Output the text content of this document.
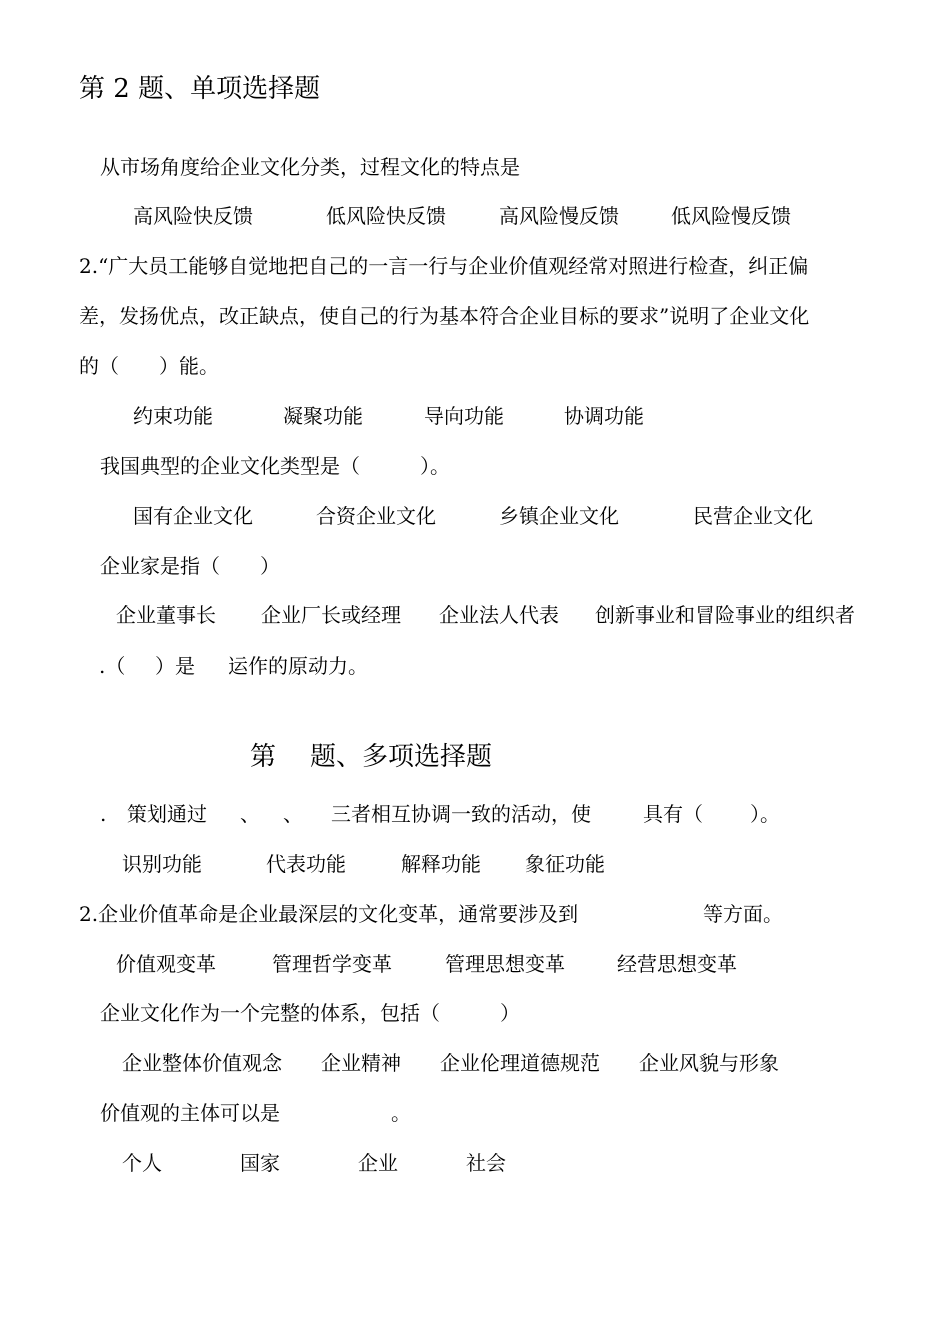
第 2 题、单项选择题
从市场角度给企业文化分类，过程文化的特点是
高风险快反馈	低风险快反馈	高风险慢反馈	低风险慢反馈
2.“广大员工能够自觉地把自己的一言一行与企业价值观经常对照进行检查，纠正偏
差，发扬优点，改正缺点，使自己的行为基本符合企业目标的要求”说明了企业文化
的（　　）能。
约束功能	凝聚功能	导向功能	协调功能
我国典型的企业文化类型是（　　　）。
国有企业文化	合资企业文化	乡镇企业文化	民营企业文化
企业家是指（　　）
企业董事长 企业厂长或经理 企业法人代表 创新事业和冒险事业的组织者
.（ ）是 运作的原动力。
第 题、多项选择题
. 策划通过 、 、 三者相互协调一致的活动，使	具有（ ）。
识别功能	代表功能	解释功能 象征功能
2.企业价值革命是企业最深层的文化变革，通常要涉及到	等方面。
价值观变革	管理哲学变革	管理思想变革	经营思想变革
企业文化作为一个完整的体系，包括（　　　）
企业整体价值观念 企业精神 企业伦理道德规范 企业风貌与形象
价值观的主体可以是	。
个人	国家	企业	社会
